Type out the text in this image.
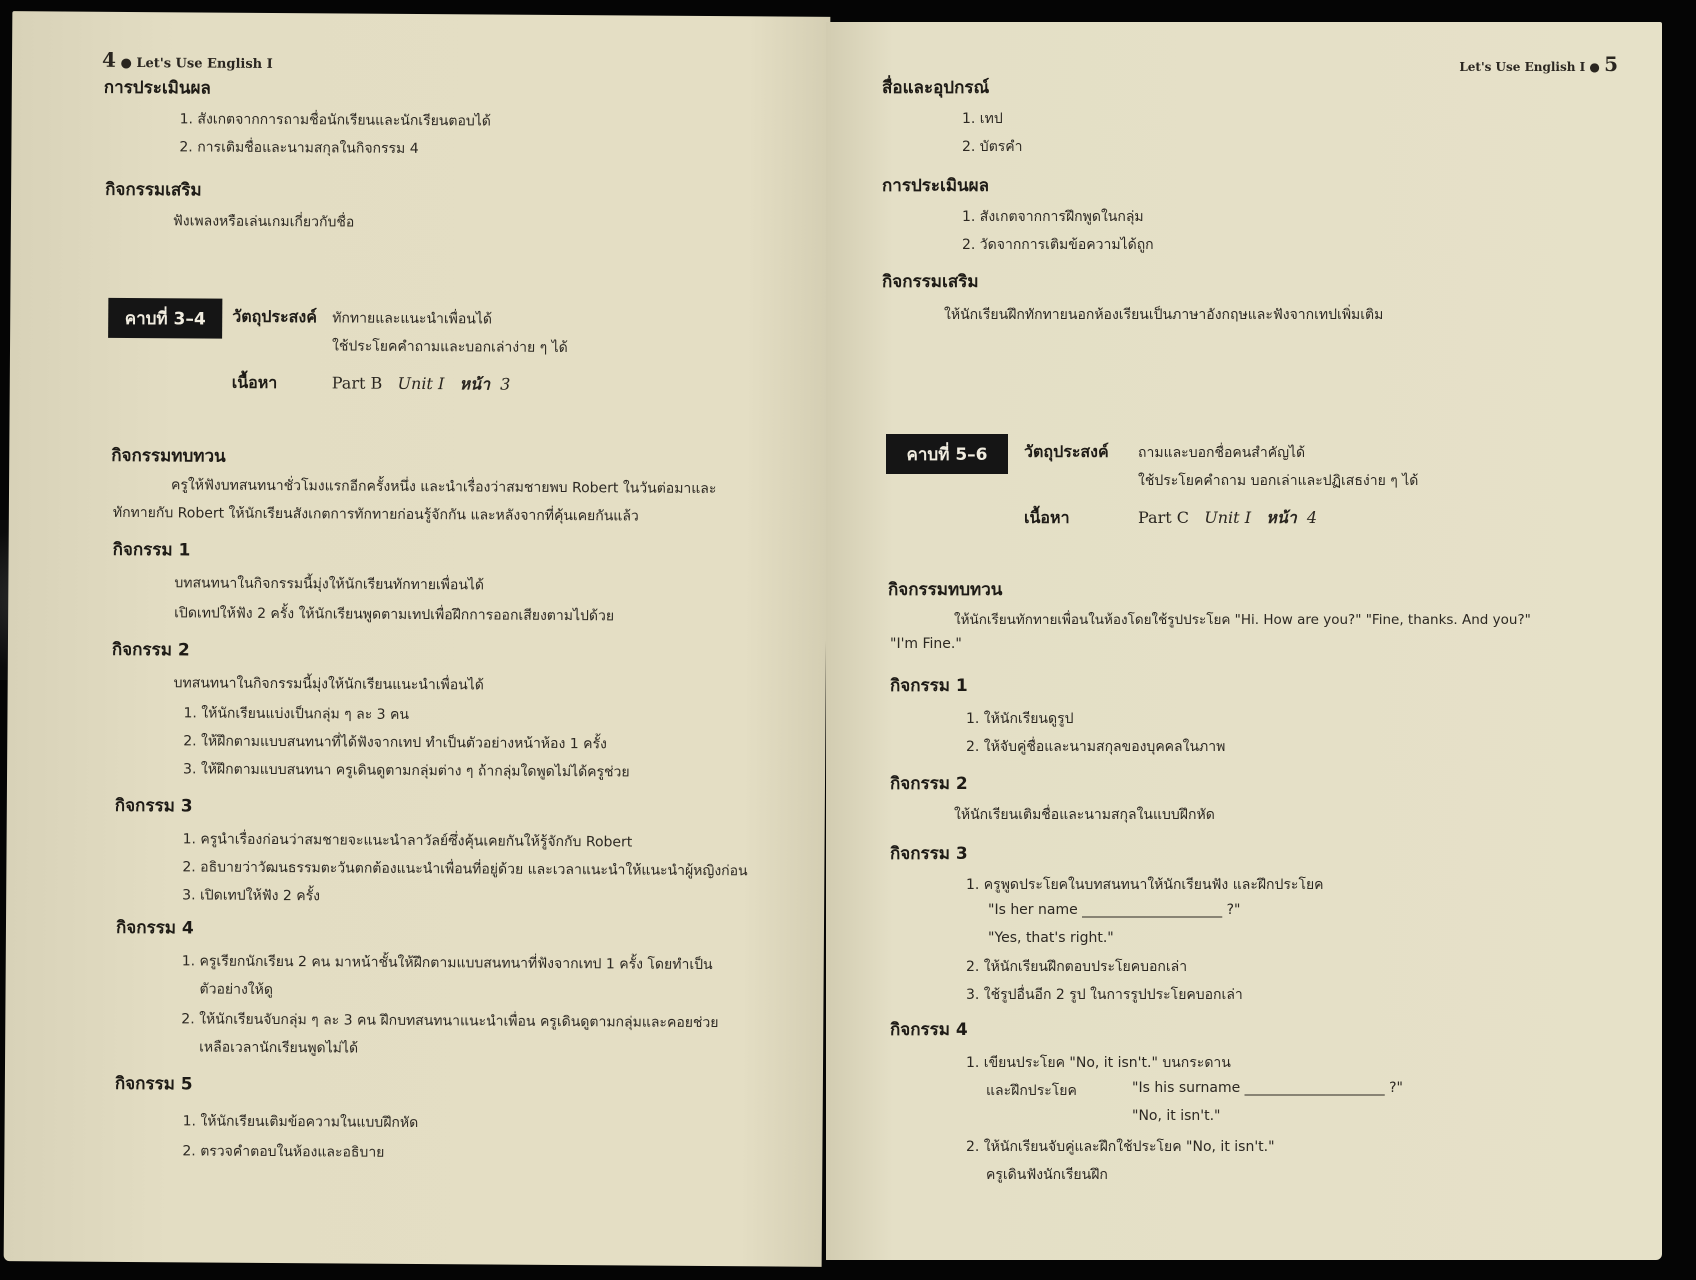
4 ● Let's Use English I
การประเมินผล
1. สังเกตจากการถามชื่อนักเรียนและนักเรียนตอบได้
2. การเติมชื่อและนามสกุลในกิจกรรม 4
กิจกรรมเสริม
ฟังเพลงหรือเล่นเกมเกี่ยวกับชื่อ
คาบที่ 3–4	วัตถุประสงค์ ทักทายและแนะนำเพื่อนได้
ใช้ประโยคคำถามและบอกเล่าง่าย ๆ ได้
เนื้อหา	Part B Unit I หน้า 3
กิจกรรมทบทวน
ครูให้ฟังบทสนทนาชั่วโมงแรกอีกครั้งหนึ่ง และนำเรื่องว่าสมชายพบ Robert ในวันต่อมาและ
ทักทายกับ Robert ให้นักเรียนสังเกตการทักทายก่อนรู้จักกัน และหลังจากที่คุ้นเคยกันแล้ว
กิจกรรม 1
บทสนทนาในกิจกรรมนี้มุ่งให้นักเรียนทักทายเพื่อนได้
เปิดเทปให้ฟัง 2 ครั้ง ให้นักเรียนพูดตามเทปเพื่อฝึกการออกเสียงตามไปด้วย
กิจกรรม 2
บทสนทนาในกิจกรรมนี้มุ่งให้นักเรียนแนะนำเพื่อนได้
1. ให้นักเรียนแบ่งเป็นกลุ่ม ๆ ละ 3 คน
2. ให้ฝึกตามแบบสนทนาที่ได้ฟังจากเทป ทำเป็นตัวอย่างหน้าห้อง 1 ครั้ง
3. ให้ฝึกตามแบบสนทนา ครูเดินดูตามกลุ่มต่าง ๆ ถ้ากลุ่มใดพูดไม่ได้ครูช่วย
กิจกรรม 3
1. ครูนำเรื่องก่อนว่าสมชายจะแนะนำลาวัลย์ซึ่งคุ้นเคยกันให้รู้จักกับ Robert
2. อธิบายว่าวัฒนธรรมตะวันตกต้องแนะนำเพื่อนที่อยู่ด้วย และเวลาแนะนำให้แนะนำผู้หญิงก่อน
3. เปิดเทปให้ฟัง 2 ครั้ง
กิจกรรม 4
1. ครูเรียกนักเรียน 2 คน มาหน้าชั้นให้ฝึกตามแบบสนทนาที่ฟังจากเทป 1 ครั้ง โดยทำเป็น
ตัวอย่างให้ดู
2. ให้นักเรียนจับกลุ่ม ๆ ละ 3 คน ฝึกบทสนทนาแนะนำเพื่อน ครูเดินดูตามกลุ่มและคอยช่วย
เหลือเวลานักเรียนพูดไม่ได้
กิจกรรม 5
1. ให้นักเรียนเติมข้อความในแบบฝึกหัด
2. ตรวจคำตอบในห้องและอธิบาย
Let's Use English I ● 5
สื่อและอุปกรณ์
1. เทป
2. บัตรคำ
การประเมินผล
1. สังเกตจากการฝึกพูดในกลุ่ม
2. วัดจากการเติมข้อความได้ถูก
กิจกรรมเสริม
ให้นักเรียนฝึกทักทายนอกห้องเรียนเป็นภาษาอังกฤษและฟังจากเทปเพิ่มเติม
คาบที่ 5–6	วัตถุประสงค์ ถามและบอกชื่อคนสำคัญได้
ใช้ประโยคคำถาม บอกเล่าและปฏิเสธง่าย ๆ ได้
เนื้อหา	Part C Unit I หน้า 4
กิจกรรมทบทวน
ให้นักเรียนทักทายเพื่อนในห้องโดยใช้รูปประโยค "Hi. How are you?" "Fine, thanks. And you?"
"I'm Fine."
กิจกรรม 1
1. ให้นักเรียนดูรูป
2. ให้จับคู่ชื่อและนามสกุลของบุคคลในภาพ
กิจกรรม 2
ให้นักเรียนเติมชื่อและนามสกุลในแบบฝึกหัด
กิจกรรม 3
1. ครูพูดประโยคในบทสนทนาให้นักเรียนฟัง และฝึกประโยค
"Is her name ____________________ ?"
"Yes, that's right."
2. ให้นักเรียนฝึกตอบประโยคบอกเล่า
3. ใช้รูปอื่นอีก 2 รูป ในการรูปประโยคบอกเล่า
กิจกรรม 4
1. เขียนประโยค "No, it isn't." บนกระดาน
และฝึกประโยค	"Is his surname ____________________ ?"
"No, it isn't."
2. ให้นักเรียนจับคู่และฝึกใช้ประโยค "No, it isn't."
ครูเดินฟังนักเรียนฝึก
